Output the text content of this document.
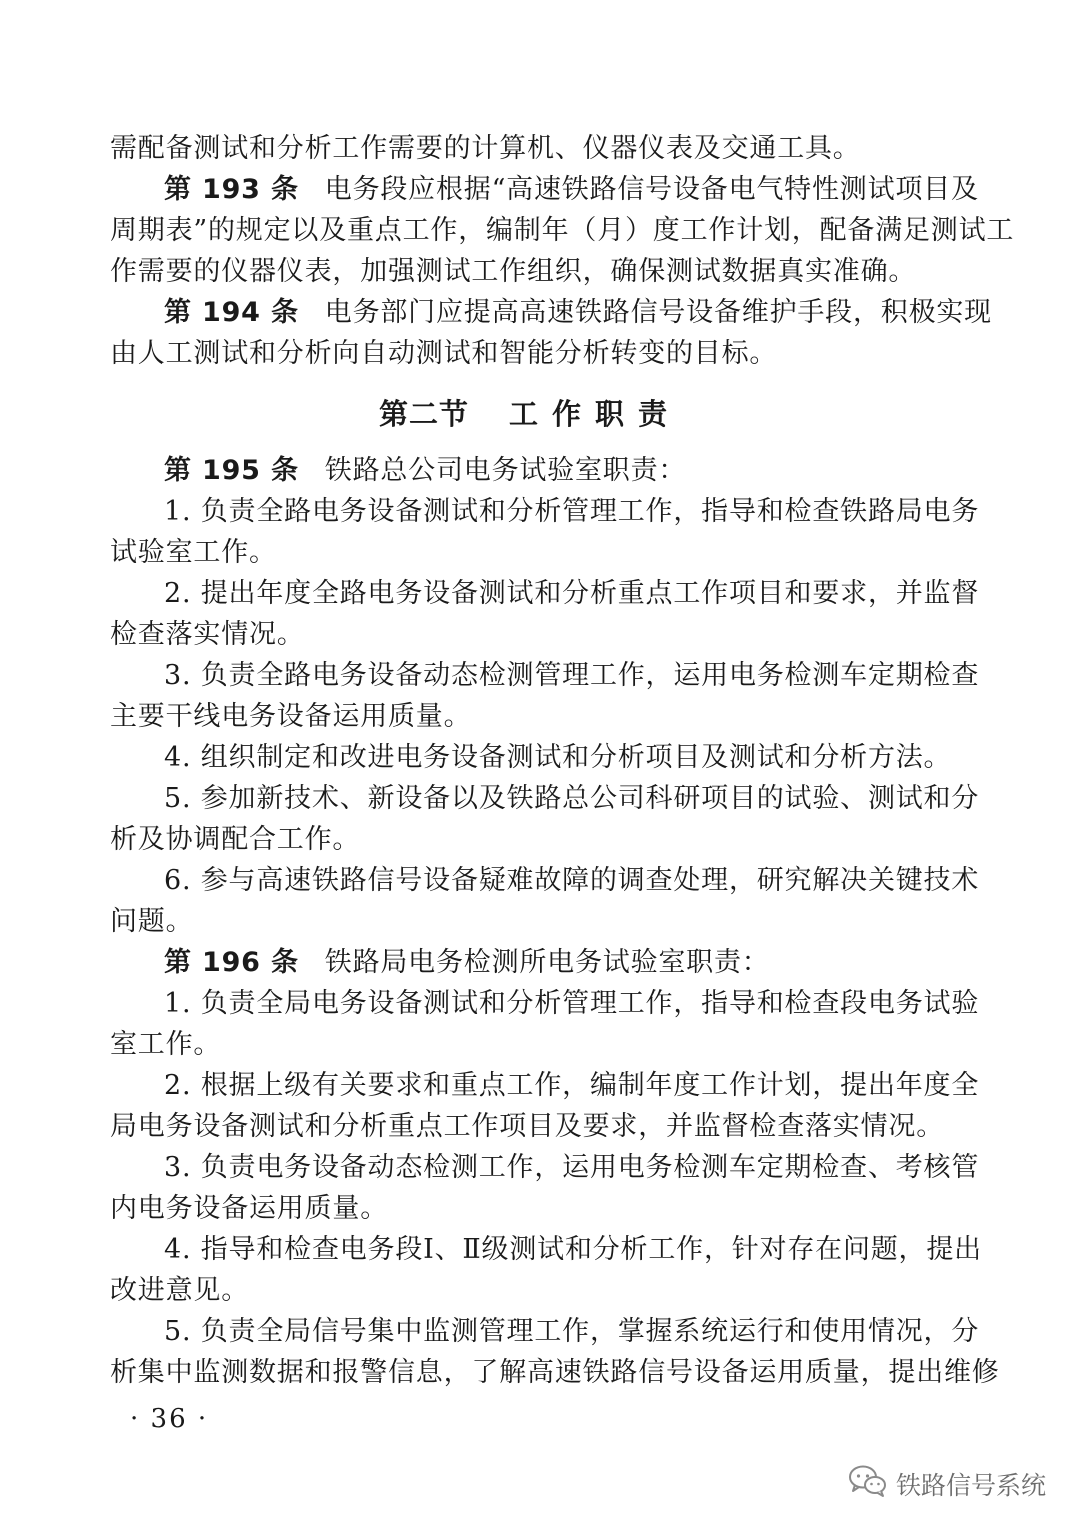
需配备测试和分析工作需要的计算机、仪器仪表及交通工具。
第 193 条 电务段应根据“高速铁路信号设备电气特性测试项目及
周期表”的规定以及重点工作，编制年（月）度工作计划，配备满足测试工
作需要的仪器仪表，加强测试工作组织，确保测试数据真实准确。
第 194 条 电务部门应提高高速铁路信号设备维护手段，积极实现
由人工测试和分析向自动测试和智能分析转变的目标。
第二节 工作职责
第 195 条 铁路总公司电务试验室职责：
1. 负责全路电务设备测试和分析管理工作，指导和检查铁路局电务
试验室工作。
2. 提出年度全路电务设备测试和分析重点工作项目和要求，并监督
检查落实情况。
3. 负责全路电务设备动态检测管理工作，运用电务检测车定期检查
主要干线电务设备运用质量。
4. 组织制定和改进电务设备测试和分析项目及测试和分析方法。
5. 参加新技术、新设备以及铁路总公司科研项目的试验、测试和分
析及协调配合工作。
6. 参与高速铁路信号设备疑难故障的调查处理，研究解决关键技术
问题。
第 196 条 铁路局电务检测所电务试验室职责：
1. 负责全局电务设备测试和分析管理工作，指导和检查段电务试验
室工作。
2. 根据上级有关要求和重点工作，编制年度工作计划，提出年度全
局电务设备测试和分析重点工作项目及要求，并监督检查落实情况。
3. 负责电务设备动态检测工作，运用电务检测车定期检查、考核管
内电务设备运用质量。
4. 指导和检查电务段Ⅰ、Ⅱ级测试和分析工作，针对存在问题，提出
改进意见。
5. 负责全局信号集中监测管理工作，掌握系统运行和使用情况，分
析集中监测数据和报警信息，了解高速铁路信号设备运用质量，提出维修
· 36 ·
铁路信号系统
